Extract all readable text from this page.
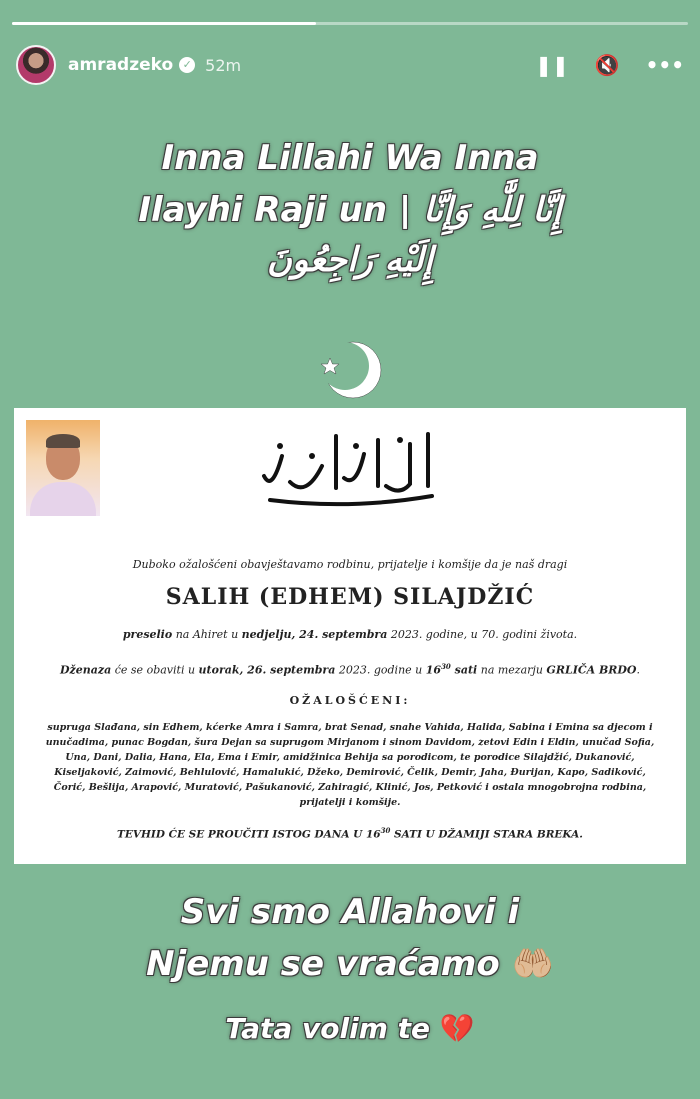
amradzeko ✓ 52m	❚❚ 🔇 •••
Inna Lillahi Wa Inna
Ilayhi Raji un | إِنَّا لِلَّٰهِ وَإِنَّا
إِلَيْهِ رَاجِعُونَ
Duboko ožalošćeni obavještavamo rodbinu, prijatelje i komšije da je naš dragi
SALIH (EDHEM) SILAJDŽIĆ
preselio na Ahiret u nedjelju, 24. septembra 2023. godine, u 70. godini života.
Dženaza će se obaviti u utorak, 26. septembra 2023. godine u $16^{30}$ sati na mezarju GRLIČA BRDO.
OŽALOŠĆENI:
supruga Slađana, sin Edhem, kćerke Amra i Samra, brat Senad, snahe Vahida, Halida, Sabina i Emina sa djecom i unučadima, punac Bogdan, šura Dejan sa suprugom Mirjanom i sinom Davidom, zetovi Edin i Eldin, unučad Sofia, Una, Dani, Dalia, Hana, Ela, Ema i Emir, amidžinica Behija sa porodicom, te porodice Silajdžić, Dukanović, Kiseljaković, Zaimović, Behlulović, Hamalukić, Džeko, Demirović, Čelik, Demir, Jaha, Đurijan, Kapo, Sadiković, Čorić, Bešlija, Arapović, Muratović, Pašukanović, Zahiragić, Klinić, Jos, Petković i ostala mnogobrojna rodbina, prijatelji i komšije.
TEVHID ĆE SE PROUČITI ISTOG DANA U $16^{30}$ SATI U DŽAMIJI STARA BREKA.
Svi smo Allahovi i
Njemu se vraćamo 🤲🏼
Tata volim te 💔
